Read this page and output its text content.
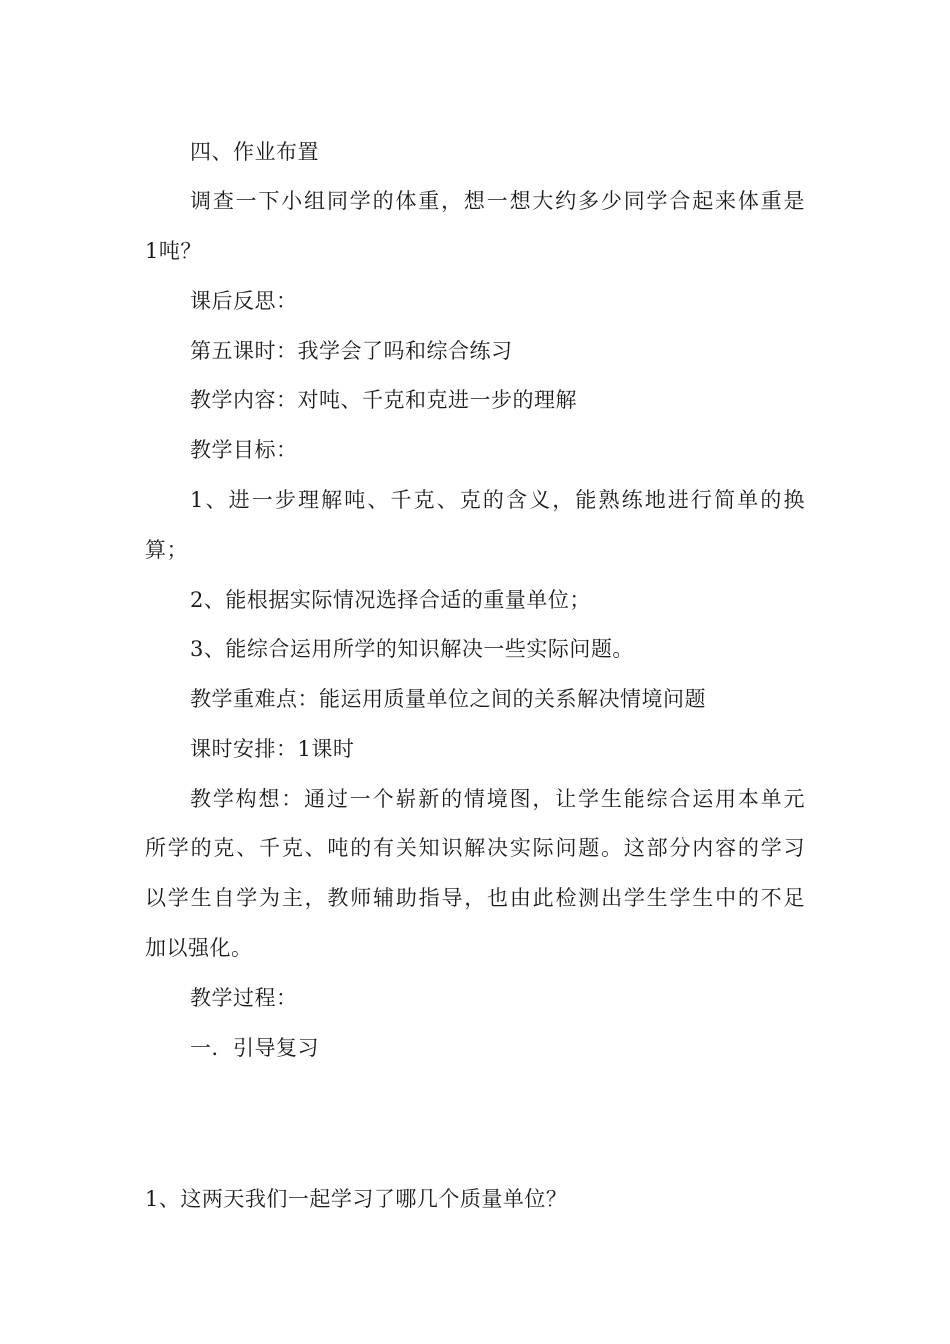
四、作业布置
调查一下小组同学的体重，想一想大约多少同学合起来体重是
1吨？
课后反思：
第五课时：我学会了吗和综合练习
教学内容：对吨、千克和克进一步的理解
教学目标：
1、进一步理解吨、千克、克的含义，能熟练地进行简单的换
算；
2、能根据实际情况选择合适的重量单位；
3、能综合运用所学的知识解决一些实际问题。
教学重难点：能运用质量单位之间的关系解决情境问题
课时安排：1课时
教学构想：通过一个崭新的情境图，让学生能综合运用本单元
所学的克、千克、吨的有关知识解决实际问题。这部分内容的学习
以学生自学为主，教师辅助指导，也由此检测出学生学生中的不足
加以强化。
教学过程：
一．引导复习
1、这两天我们一起学习了哪几个质量单位？
